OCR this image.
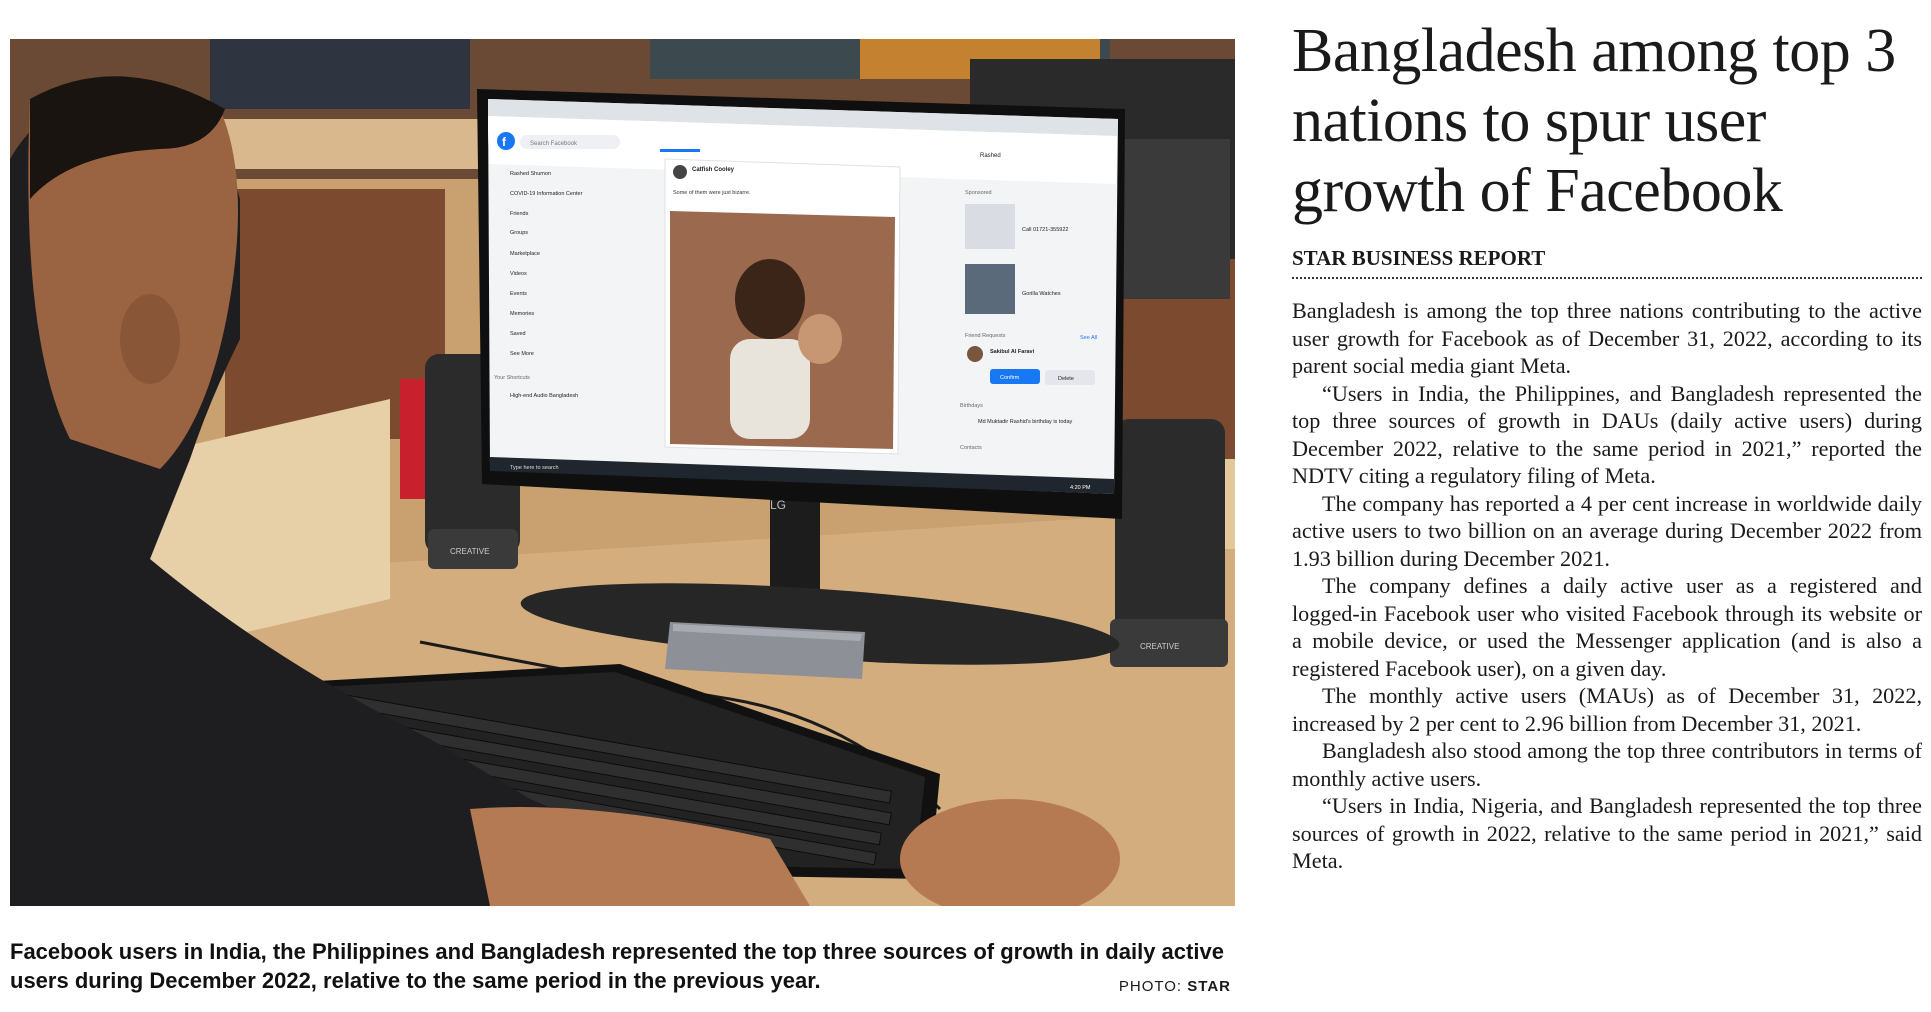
CREATIVE
CREATIVE
LG
f	Search Facebook
Rashed
Rashed Shumon
COVID-19 Information Center
Friends
Groups
Marketplace
Videos
Events
Memories
Saved
See More
Your Shortcuts
High-end Audio Bangladesh
Catfish Cooley
Some of them were just bizarre.	Sponsored
Call 01721-355922
Gorilla Watches
Friend Requests	See All
Sakibul Al Faravi
Confirm	Delete
Birthdays
Md Muktadir Rashid's birthday is today
Contacts
Type here to search
4:20 PM
Facebook users in India, the Philippines and Bangladesh represented the top three sources of growth in daily active users during December 2022, relative to the same period in the previous year.	PHOTO: STAR
Bangladesh among top 3 nations to spur user growth of Facebook
STAR BUSINESS REPORT

Bangladesh is among the top three nations contributing to the active user growth for Facebook as of December 31, 2022, according to its parent social media giant Meta.

“Users in India, the Philippines, and Bangladesh represented the top three sources of growth in DAUs (daily active users) during December 2022, relative to the same period in 2021,” reported the NDTV citing a regulatory filing of Meta.

The company has reported a 4 per cent increase in worldwide daily active users to two billion on an average during December 2022 from 1.93 billion during December 2021.

The company defines a daily active user as a registered and logged-in Facebook user who visited Facebook through its website or a mobile device, or used the Messenger application (and is also a registered Facebook user), on a given day.

The monthly active users (MAUs) as of December 31, 2022, increased by 2 per cent to 2.96 billion from December 31, 2021.

Bangladesh also stood among the top three contributors in terms of monthly active users.

“Users in India, Nigeria, and Bangladesh represented the top three sources of growth in 2022, relative to the same period in 2021,” said Meta.
